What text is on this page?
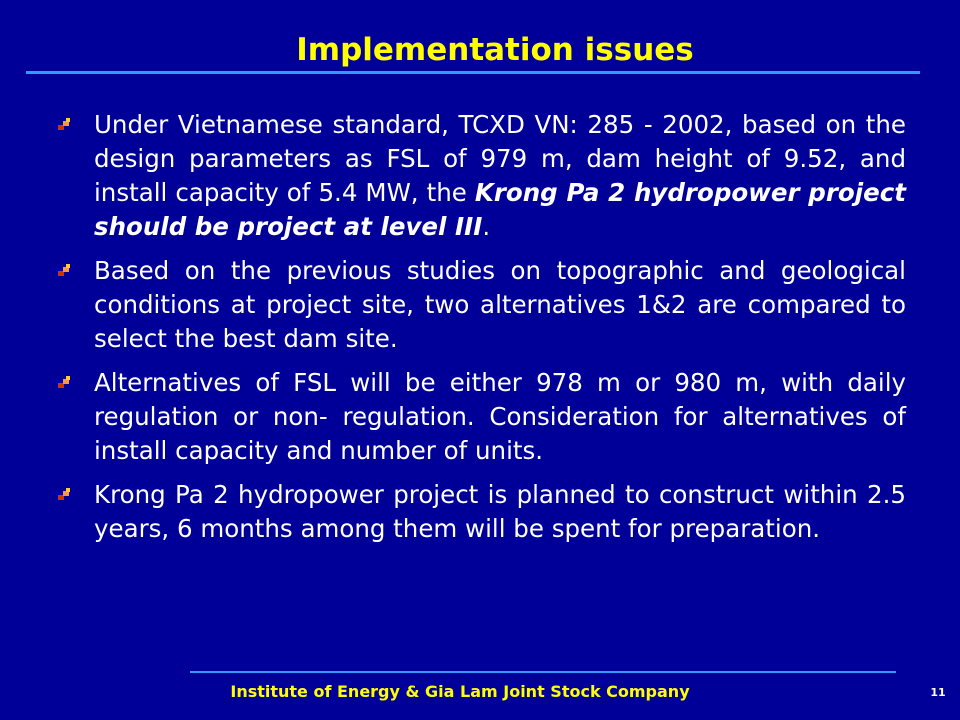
Implementation issues
Under Vietnamese standard, TCXD VN: 285 - 2002, based on the design parameters as FSL of 979 m, dam height of 9.52, and install capacity of 5.4 MW, the Krong Pa 2 hydropower project should be project at level III.
Based on the previous studies on topographic and geological conditions at project site, two alternatives 1&2 are compared to select the best dam site.
Alternatives of FSL will be either 978 m or 980 m, with daily regulation or non- regulation. Consideration for alternatives of install capacity and number of units.
Krong Pa 2 hydropower project is planned to construct within 2.5 years, 6 months among them will be spent for preparation.
Institute of Energy & Gia Lam Joint Stock Company	11
